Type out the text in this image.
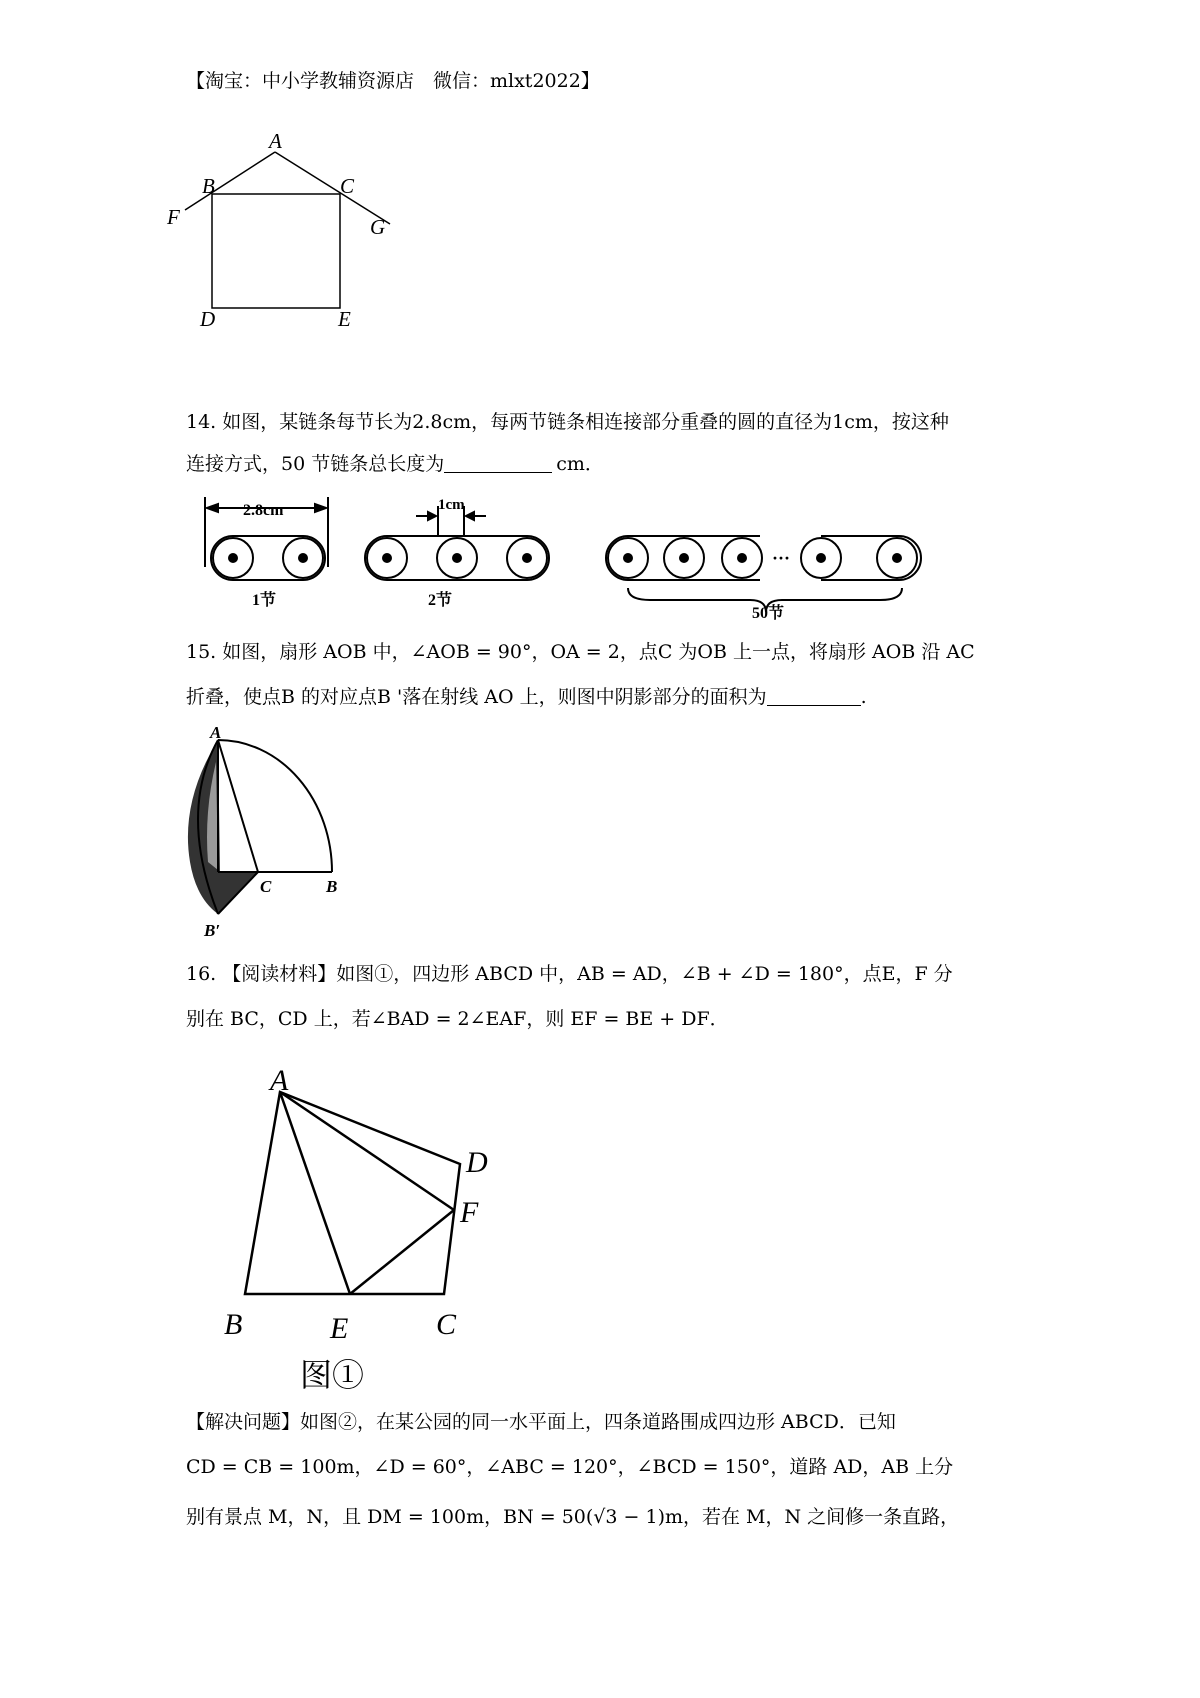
【淘宝：中小学教辅资源店　微信：mlxt2022】
A
B	C
F	G
D	E
14. 如图，某链条每节长为2.8cm，每两节链条相连接部分重叠的圆的直径为1cm，按这种
连接方式，50 节链条总长度为	cm．
2.8cm	1cm
···
1节	2节
50节
15. 如图，扇形 AOB 中，∠AOB = 90°，OA = 2，点C 为OB 上一点，将扇形 AOB 沿 AC
折叠，使点B 的对应点B '落在射线 AO 上，则图中阴影部分的面积为	.
A
O
C	B
B′
16. 【阅读材料】如图①，四边形 ABCD 中，AB = AD，∠B + ∠D = 180°，点E，F 分
别在 BC，CD 上，若∠BAD = 2∠EAF，则 EF = BE + DF．
A
D
F
B	E	C
图①
【解决问题】如图②，在某公园的同一水平面上，四条道路围成四边形 ABCD．已知
CD = CB = 100m，∠D = 60°，∠ABC = 120°，∠BCD = 150°，道路 AD，AB 上分
别有景点 M，N，且 DM = 100m，BN = 50(√3 − 1)m，若在 M，N 之间修一条直路，
